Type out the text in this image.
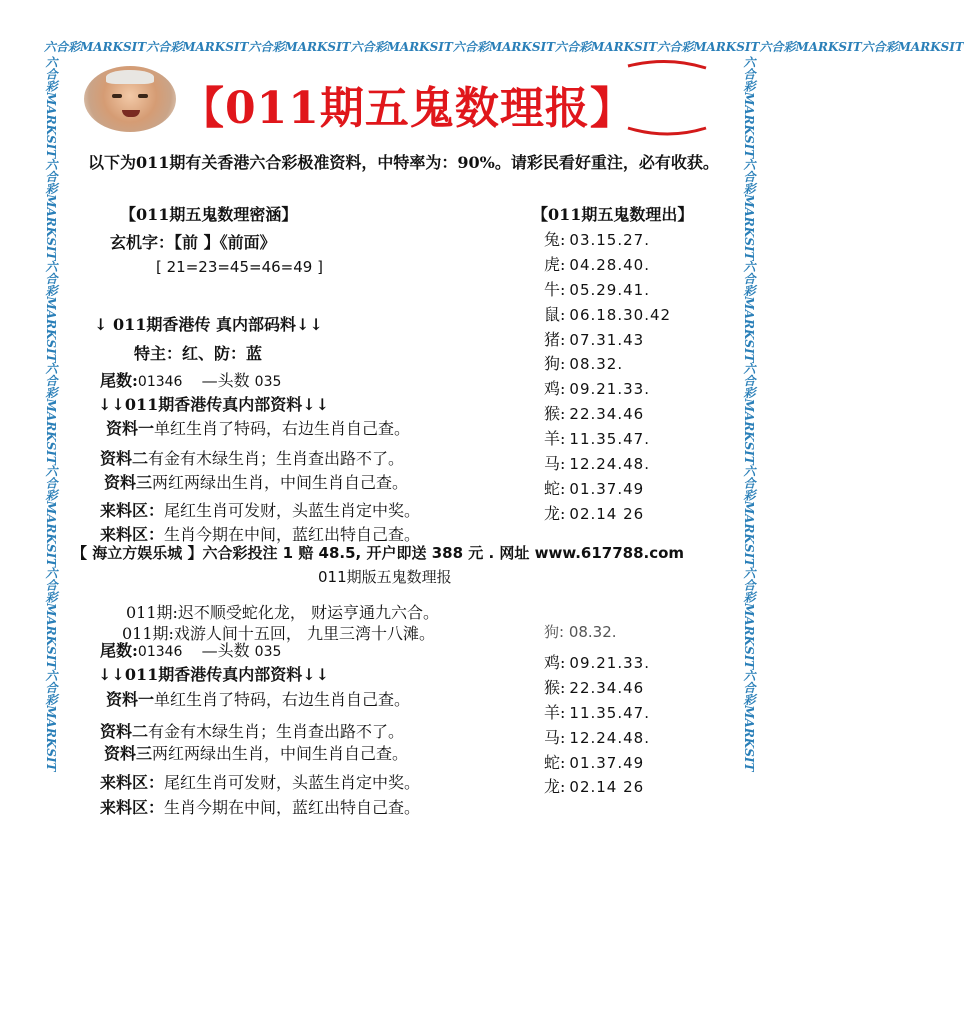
六合彩MARKSIT六合彩MARKSIT六合彩MARKSIT六合彩MARKSIT六合彩MARKSIT六合彩MARKSIT六合彩MARKSIT六合彩MARKSIT六合彩MARKSIT
六合彩MARKSIT六合彩MARKSIT六合彩MARKSIT六合彩MARKSIT六合彩MARKSIT六合彩MARKSIT六合彩MARKSIT	六合彩MARKSIT六合彩MARKSIT六合彩MARKSIT六合彩MARKSIT六合彩MARKSIT六合彩MARKSIT六合彩MARKSIT
【011期五鬼数理报】
以下为011期有关香港六合彩极准资料，中特率为：90%。请彩民看好重注，必有收获。
【011期五鬼数理密涵】
玄机字：【前 】《前面》
[ 21=23=45=46=49 ]
↓ 011期香港传 真内部码料↓↓
特主：红、防：蓝
尾数:01346 —头数 035
↓↓011期香港传真内部资料↓↓
资料一单红生肖了特码，右边生肖自己查。
资料二有金有木绿生肖；生肖查出路不了。
资料三两红两绿出生肖，中间生肖自己查。
来料区：尾红生肖可发财，头蓝生肖定中奖。
来料区：生肖今期在中间，蓝红出特自己查。
【011期五鬼数理出】
兔: 03.15.27.
虎: 04.28.40.
牛: 05.29.41.
鼠: 06.18.30.42
猪: 07.31.43
狗: 08.32.
鸡: 09.21.33.
猴: 22.34.46
羊: 11.35.47.
马: 12.24.48.
蛇: 01.37.49
龙: 02.14 26
【 海立方娱乐城 】六合彩投注 1 赔 48.5, 开户即送 388 元 . 网址 www.617788.com
011期版五鬼数理报
011期:迟不顺受蛇化龙， 财运亨通九六合。
011期:戏游人间十五回， 九里三湾十八滩。	狗: 08.32.
尾数:01346 —头数 035
↓↓011期香港传真内部资料↓↓
资料一单红生肖了特码，右边生肖自己查。
资料二有金有木绿生肖；生肖查出路不了。
资料三两红两绿出生肖，中间生肖自己查。
来料区：尾红生肖可发财，头蓝生肖定中奖。
来料区：生肖今期在中间，蓝红出特自己查。
鸡: 09.21.33.
猴: 22.34.46
羊: 11.35.47.
马: 12.24.48.
蛇: 01.37.49
龙: 02.14 26
